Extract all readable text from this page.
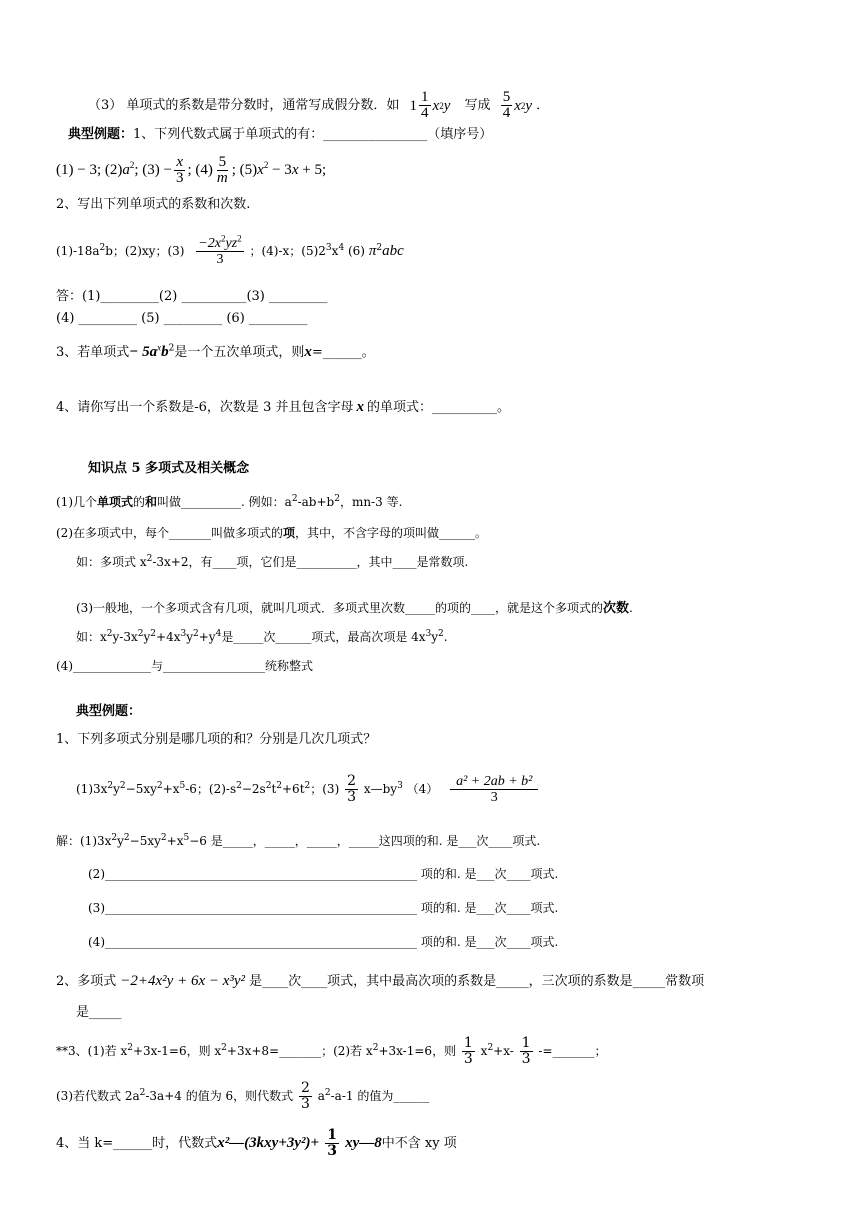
（3） 单项式的系数是带分数时，通常写成假分数．如 $1 \frac{1}{4}$ x 2 y 写成 $\frac{5}{4}$ x 2 y ．
典型例题：1、下列代数式属于单项式的有：________________（填序号）
(1) − 3; $(2)a^2$; $(3) - \frac{x}{3}$ ; $(4) \frac{5}{m}$ ; $(5)x^2 - 3x + 5$;
2、写出下列单项式的系数和次数.
$(1)-18a^2b$；(2)xy；$(3) \frac{-2x^2yz^2}{3}$ ；(4)-x；$(5)2^3x^4$ (6) $\pi^2abc$
答：(1)_________(2) __________(3) _________
(4) _________ (5) _________ (6) _________
3、若单项式− $5a^xb^2$是一个五次单项式，则x=______。
4、请你写出一个系数是-6，次数是 3 并且包含字母 x 的单项式：__________。
知识点 5 多项式及相关概念
(1)几个单项式的和叫做__________. 例如：$a^2-ab+b^2$，mn-3 等.
(2)在多项式中，每个_______叫做多项式的项，其中，不含字母的项叫做______。
如：多项式 $x^2-3x+2$，有____项，它们是__________，其中____是常数项.
(3)一般地，一个多项式含有几项，就叫几项式．多项式里次数_____的项的____，就是这个多项式的次数.
如：$x^2y-3x^2y^2+4x^3y^2+y^4$是_____次______项式，最高次项是 $4x^3y^2$.
(4)_____________与_________________统称整式
典型例题：
1、下列多项式分别是哪几项的和？分别是几次几项式？
$(1)3x^2y^2-5xy^2+x^5-6$；$(2)-s^2-2s^2t^2+6t^2$；$(3) \frac{2}{3}$ $x—by^3$ $(4) \frac{\text{a² + 2ab + b²}}{3}$
解：$(1)3x^2y^2-5xy^2+x^5-6$ 是_____，_____，_____，_____这四项的和. 是___次____项式.
(2)____________________________________________________ 项的和. 是___次____项式.
(3)____________________________________________________ 项的和. 是___次____项式.
(4)____________________________________________________ 项的和. 是___次____项式.
2、多项式 −2+4x²y + 6x − x³y² 是____次____项式，其中最高次项的系数是_____，三次项的系数是_____常数项
是_____
**3、(1)若 $x^2+3x-1=6$，则 $x^2+3x+8=\_\_\_\_\_\_\_$；(2)若 $x^2+3x-1=6$，则 $\frac{1}{3} x^2+x- \frac{1}{3}$ -=_______；
(3)若代数式 $2a^2-3a+4$ 的值为 6，则代数式 $\frac{2}{3} a^2-a-1$ 的值为______
4、当 k=______时，代数式x²—(3kxy+3y²)+ $\frac{1}{3}$ xy—8中不含 xy 项
